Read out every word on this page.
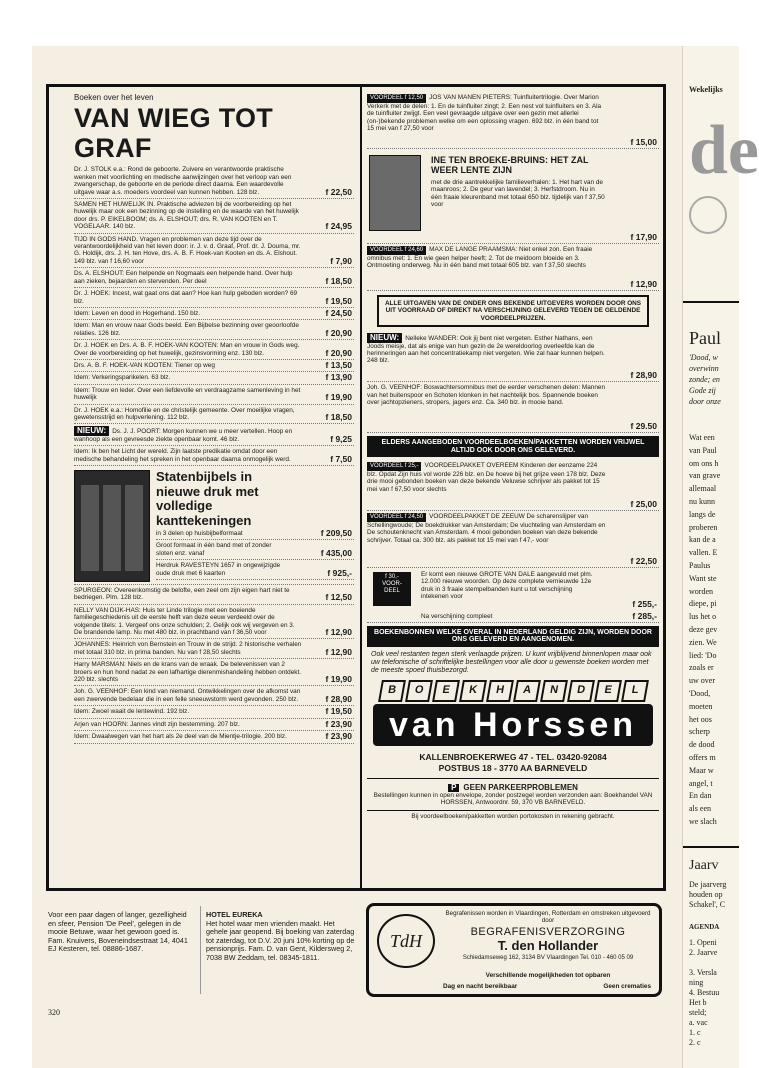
Wekelijks
de
Paul
'Dood, w
overwinn
zonde; en
Gode zij
door onze
Wat een
van Paul
om ons h
van grave
allemaal
nu kunn
langs de
proberen
kan de a
vallen. E
Paulus
Want ste
worden
diepe, pi
lus het o
deze gev
zien. We
lied: 'Do
zoals er
uw over
'Dood,
moeten
het oos
scherp
de dood
offers m
Maar w
angel, t
En dan
als een
we slach
Jaarv
De jaarverg
houden op
Schakel', C
AGENDA
1. Openi
2. Jaarve
3. Versla
ning
4. Bestuu
Het b
steld;
a. vac
1. c
2. c
Boeken over het leven
VAN WIEG TOT GRAF
Dr. J. STOLK e.a.: Rond de geboorte. Zuivere en verantwoorde praktische wenken met voorlichting en medische aanwijzingen over het verloop van een zwangerschap, de geboorte en de periode direct daarna. Een waardevolle uitgave waar a.s. moeders voordeel van kunnen hebben. 128 blz.	f 22,50
SAMEN HET HUWELIJK IN. Praktische adviezen bij de voorbereiding op het huwelijk maar ook een bezinning op de instelling en de waarde van het huwelijk door drs. P. EIKELBOOM; ds. A. ELSHOUT; drs. R. VAN KOOTEN en T. VOGELAAR. 140 blz.	f 24,95
TIJD IN GODS HAND. Vragen en problemen van deze tijd over de verantwoordelijkheid van het leven door: ir. J. v. d. Graaf, Prof. dr. J. Douma, mr. G. Holdijk, drs. J. H. ten Hove, drs. A. B. F. Hoek-van Kooten en ds. A. Elshout. 149 blz. van f 16,60 voor	f 7,90
Ds. A. ELSHOUT: Een helpende en Nogmaals een helpende hand. Over hulp aan zieken, bejaarden en stervenden. Per deel	f 18,50
Dr. J. HOEK: Incest, wat gaat ons dat aan? Hoe kan hulp geboden worden? 69 blz.	f 19,50
Idem: Leven en dood in Hogerhand. 150 blz.	f 24,50
Idem: Man en vrouw naar Gods beeld. Een Bijbelse bezinning over geoorloofde relaties. 126 blz.	f 20,90
Dr. J. HOEK en Drs. A. B. F. HOEK-VAN KOOTEN: Man en vrouw in Gods weg. Over de voorbereiding op het huwelijk, gezinsvorming enz. 130 blz.	f 20,90
Drs. A. B. F. HOEK-VAN KOOTEN: Tiener op weg	f 13,50
Idem: Verkeringsparikelen. 63 blz.	f 13,90
Idem: Trouw en leder. Over een liefdevolle en verdraagzame samenleving in het huwelijk	f 19,90
Dr. J. HOEK e.a.: Homofilie en de christelijk gemeente. Over moeilijke vragen, gewetensstrijd en hulpverlening. 112 blz.	f 18,50
NIEUW: Ds. J. J. POORT: Morgen kunnen we u meer vertellen. Hoop en wanhoop als een gevreesde ziekte openbaar komt. 46 blz.	f 9,25
Idem: Ik ben het Licht der wereld. Zijn laatste predikatie omdat door een medische behandeling het spreken in het openbaar daarna onmogelijk werd.	f 7,50
Statenbijbels in nieuwe druk met volledige kanttekeningen
in 3 delen op huisbijbelformaat	f 209,50
Groot formaat in één band met of zonder sloten enz. vanaf	f 435,00
Herdruk RAVESTEYN 1657 in ongewijzigde oude druk met 6 kaarten	f 925,-
SPURGEON: Overeenkomstig de belofte, een zeel om zijn eigen hart niet te bedriegen. Plm. 128 blz.	f 12,50
NELLY VAN DIJK-HAS: Huis ter Linde trilogie met een boeiende familiegeschiedenis uit de eerste helft van deze eeuw verdeeld over de volgende titels: 1. Vergeef ons onze schulden; 2. Gelijk ook wij vergeven en 3. De brandende lamp. Nu met 480 blz. in prachtband van f 36,50 voor	f 12,90
JOHANNES: Heinrich von Bernstein en Trouw in de strijd. 2 historische verhalen met totaal 310 blz. in prima banden. Nu van f 28,50 slechts	f 12,90
Harry MARSMAN: Niels en de krans van de wraak. De belevenissen van 2 broers en hun hond nadat ze een lafhartige dierenmishandeling hebben ontdekt. 220 blz. slechts	f 19,90
Joh. G. VEENHOF: Een kind van niemand. Ontwikkelingen over de afkomst van een zwervende bedelaar die in een felle sneeuwstorm werd gevonden. 250 blz.	f 28,90
Idem: Zwoel waait de lentewind. 192 blz.	f 19,50
Arjen van HOORN: Jannes vindt zijn bestemming. 207 blz.	f 23,90
Idem: Dwaalwegen van het hart als 2e deel van de Mientje-trilogie. 200 blz.	f 23,90
VOORDEEL f 12,50 JOS VAN MANEN PIETERS: Tuinfluitertrilogie. Over Marion Verkerk met de delen: 1. En de tuinfluiter zingt; 2. Een nest vol tuinfluiters en 3. Ala de tuinfluiter zwijgt. Een veel gevraagde uitgave over een gezin met allerlei (on-)bekende problemen welke om een oplossing vragen. 692 blz. in één band tot 15 mei van f 27,50 voor
f 15,00
INE TEN BROEKE-BRUINS: HET ZAL WEER LENTE ZIJN
met de drie aantrekkelijke familieverhalen: 1. Het hart van de maanroos; 2. De geur van lavendel; 3. Herfstdroom. Nu in één fraaie kleurenband met totaal 650 blz. tijdelijk van f 37,50 voor
f 17,90
VOORDEEL f 24,60 MAX DE LANGE PRAAMSMA: Niet enkel zon. Een fraaie omnibus met: 1. En wie geen helper heeft; 2. Tot de meidoorn bloeide en 3. Ontmoeting onderweg. Nu in één band met totaal 605 blz. van f 37,50 slechts
f 12,90
ALLE UITGAVEN VAN DE ONDER ONS BEKENDE UITGEVERS WORDEN DOOR ONS UIT VOORRAAD OF DIREKT NA VERSCHIJNING GELEVERD TEGEN DE GELDENDE VOORDEELPRIJZEN.
NIEUW: Nelleke WANDER: Ook jij bent niet vergeten. Esther Nathans, een Joods meisje, dat als enige van hun gezin de 2e wereldoorlog overleefde kan de herinneringen aan het concentratiekamp niet vergeten. Wie zal haar kunnen helpen. 248 blz.
f 28,90
Joh. G. VEENHOF: Boswachtersomnibus met de eerder verschenen delen: Mannen van het buitenspoor en Schoten klonken in het nachtelijk bos. Spannende boeken over jachtopzieners, stropers, jagers enz. Ca. 340 blz. in mooie band.
f 29.50
ELDERS AANGEBODEN VOORDEELBOEKEN/PAKKETTEN WORDEN VRIJWEL ALTIJD OOK DOOR ONS GELEVERD.
VOORDEEL f 25,- VOORDEELPAKKET OVEREEM Kinderen der eenzame 224 blz. Opdat Zijn huis vol worde 226 blz. en De hoeve bij het grijze veen 178 blz. Deze drie mooi gebonden boeken van deze bekende Veluwse schrijver als pakket tot 15 mei van f 67,50 voor slechts
f 25,00
VOORDEEL f 24,50 VOORDEELPAKKET DE ZEEUW De scharenslijper van Schellingwoude; De boekdrukker van Amsterdam; De vluchteling van Amsterdam en De schoutenknecht van Amsterdam. 4 mooi gebonden boeken van deze bekende schrijver. Totaal ca. 300 blz. als pakket tot 15 mei van f 47,- voor
f 22,50
f 30,- VOOR-DEEL
Er komt een nieuwe GROTE VAN DALE aangevuld met plm. 12.000 nieuwe woorden. Op deze complete vernieuwde 12e druk in 3 fraaie stempelbanden kunt u tot verschijning intekenen voor
f 255,-
Na verschijning compleet	f 285,-
BOEKENBONNEN WELKE OVERAL IN NEDERLAND GELDIG ZIJN, WORDEN DOOR ONS GELEVERD EN AANGENOMEN.
Ook veel restanten tegen sterk verlaagde prijzen. U kunt vrijblijvend binnenlopen maar ook uw telefonische of schriftelijke bestellingen voor alle door u gewenste boeken worden met de meeste spoed thuisbezorgd.
B	O	E	K	H	A	N	D	E	L
van Horssen
KALLENBROEKERWEG 47 - TEL. 03420-92084
POSTBUS 18 - 3770 AA BARNEVELD
P GEEN PARKEERPROBLEMEN
Bestellingen kunnen in open envelope, zonder postzegel worden verzonden aan: Boekhandel VAN HORSSEN, Antwoordnr. 59, 370 VB BARNEVELD.
Bij voordeelboeken/pakketten worden portokosten in rekening gebracht.
Voor een paar dagen of langer, gezelligheid en sfeer, Pension 'De Peel', gelegen in de mooie Betuwe, waar het gewoon goed is. Fam. Knuivers, Boveneindsestraat 14, 4041 EJ Kesteren, tel. 08886-1687.
HOTEL EUREKA
Het hotel waar men vrienden maakt. Het gehele jaar geopend. Bij boeking van zaterdag tot zaterdag, tot D.V. 20 juni 10% korting op de pensionprijs. Fam. D. van Gent, Kildersweg 2, 7038 BW Zeddam, tel. 08345-1811.
TdH
Begrafenissen worden in Vlaardingen, Rotterdam en omstreken uitgevoerd door
BEGRAFENISVERZORGING
T. den Hollander
Schiedamseweg 162, 3134 BV Vlaardingen Tel. 010 - 460 05 09
Verschillende mogelijkheden tot opbaren
Dag en nacht bereikbaar	Geen crematies
320
